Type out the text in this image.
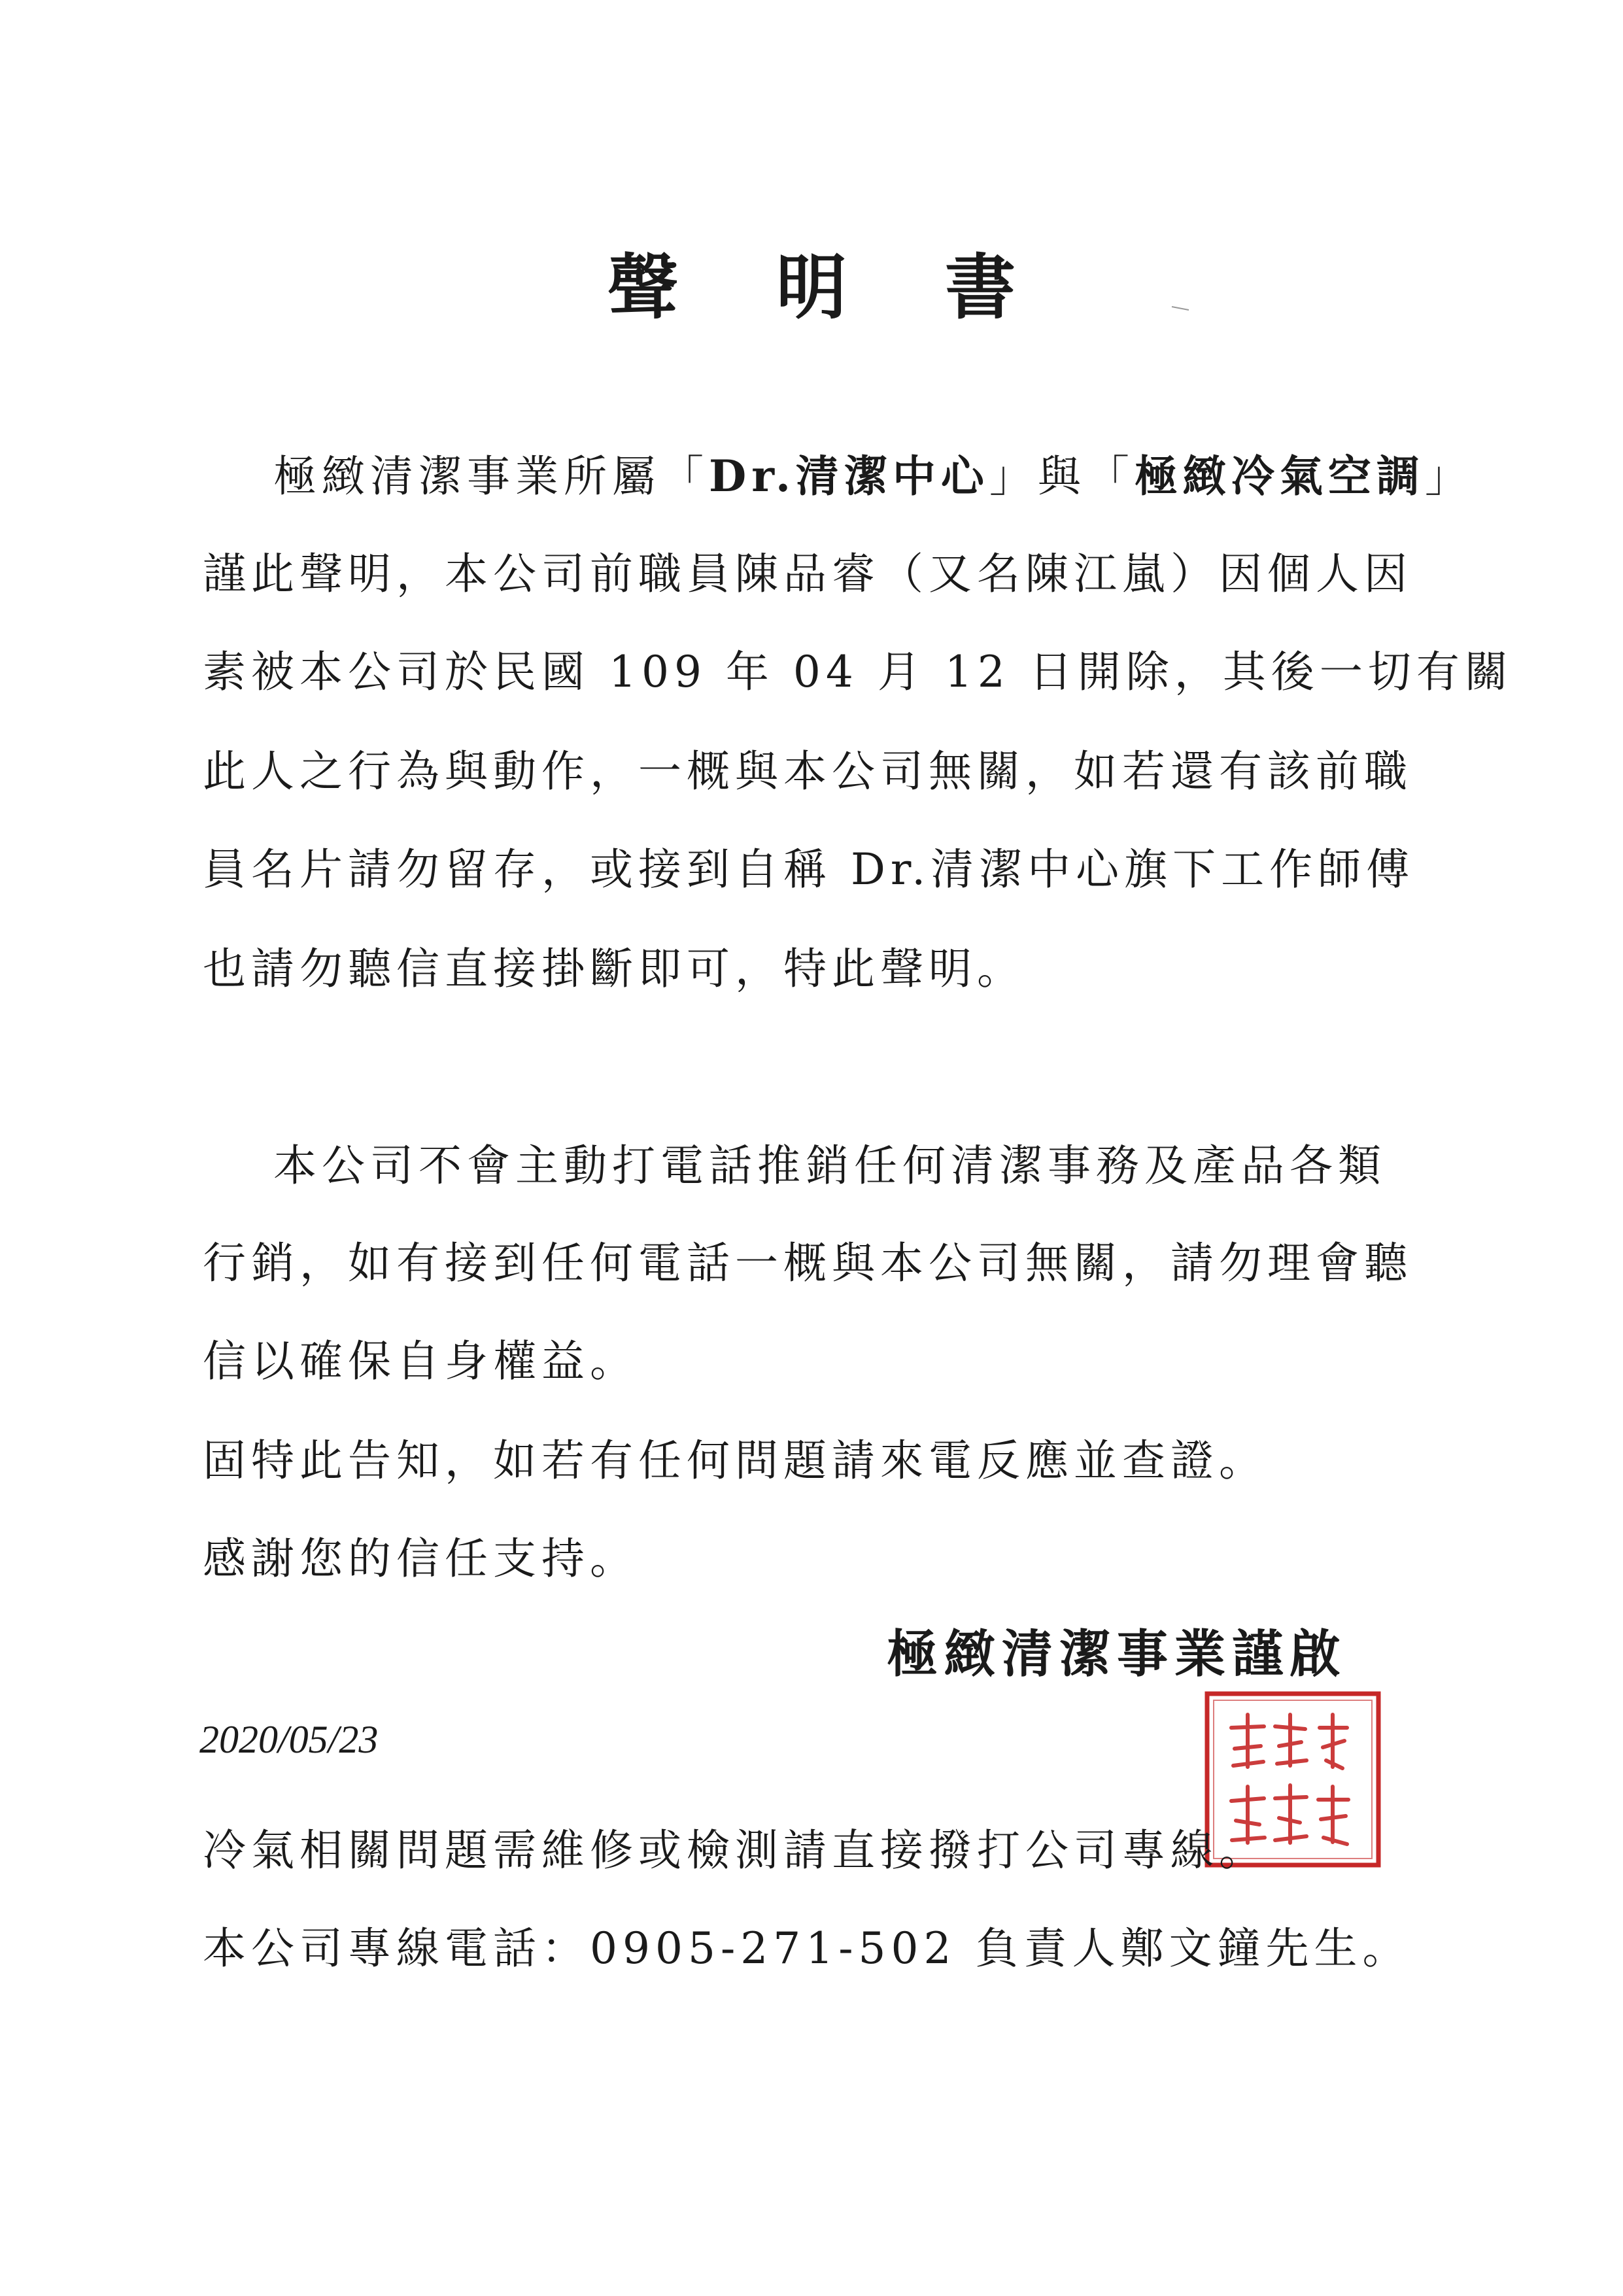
聲明書
極緻清潔事業所屬「Dr.清潔中心」與「極緻冷氣空調」
謹此聲明，本公司前職員陳品睿（又名陳江嵐）因個人因
素被本公司於民國 109 年 04 月 12 日開除，其後一切有關
此人之行為與動作，一概與本公司無關，如若還有該前職
員名片請勿留存，或接到自稱 Dr.清潔中心旗下工作師傅
也請勿聽信直接掛斷即可，特此聲明。
本公司不會主動打電話推銷任何清潔事務及產品各類
行銷，如有接到任何電話一概與本公司無關，請勿理會聽
信以確保自身權益。
固特此告知，如若有任何問題請來電反應並查證。
感謝您的信任支持。
極緻清潔事業謹啟
2020/05/23
冷氣相關問題需維修或檢測請直接撥打公司專線。
本公司專線電話：0905-271-502 負責人鄭文鐘先生。
